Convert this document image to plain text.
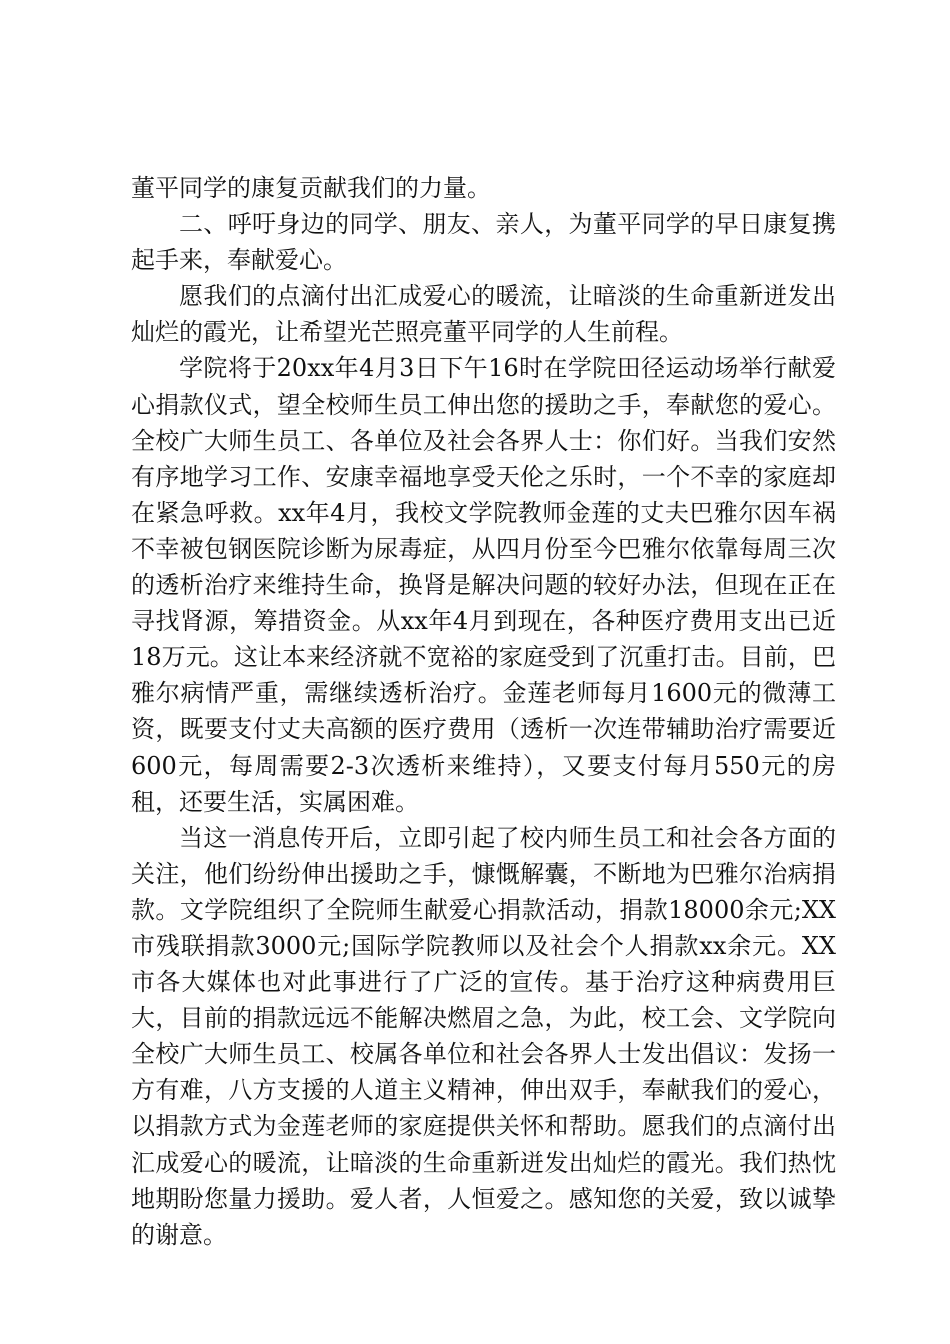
董平同学的康复贡献我们的力量。

二、呼吁身边的同学、朋友、亲人，为董平同学的早日康复携起手来，奉献爱心。

愿我们的点滴付出汇成爱心的暖流，让暗淡的生命重新迸发出灿烂的霞光，让希望光芒照亮董平同学的人生前程。

学院将于20xx年4月3日下午16时在学院田径运动场举行献爱心捐款仪式，望全校师生员工伸出您的援助之手，奉献您的爱心。全校广大师生员工、各单位及社会各界人士：你们好。当我们安然有序地学习工作、安康幸福地享受天伦之乐时，一个不幸的家庭却在紧急呼救。xx年4月，我校文学院教师金莲的丈夫巴雅尔因车祸不幸被包钢医院诊断为尿毒症，从四月份至今巴雅尔依靠每周三次的透析治疗来维持生命，换肾是解决问题的较好办法，但现在正在寻找肾源，筹措资金。从xx年4月到现在，各种医疗费用支出已近18万元。这让本来经济就不宽裕的家庭受到了沉重打击。目前，巴雅尔病情严重，需继续透析治疗。金莲老师每月1600元的微薄工资，既要支付丈夫高额的医疗费用（透析一次连带辅助治疗需要近600元，每周需要2-3次透析来维持），又要支付每月550元的房租，还要生活，实属困难。

当这一消息传开后，立即引起了校内师生员工和社会各方面的关注，他们纷纷伸出援助之手，慷慨解囊，不断地为巴雅尔治病捐款。文学院组织了全院师生献爱心捐款活动，捐款18000余元;XX市残联捐款3000元;国际学院教师以及社会个人捐款xx余元。XX市各大媒体也对此事进行了广泛的宣传。基于治疗这种病费用巨大，目前的捐款远远不能解决燃眉之急，为此，校工会、文学院向全校广大师生员工、校属各单位和社会各界人士发出倡议：发扬一方有难，八方支援的人道主义精神，伸出双手，奉献我们的爱心，以捐款方式为金莲老师的家庭提供关怀和帮助。愿我们的点滴付出汇成爱心的暖流，让暗淡的生命重新迸发出灿烂的霞光。我们热忱地期盼您量力援助。爱人者，人恒爱之。感知您的关爱，致以诚挚的谢意。
